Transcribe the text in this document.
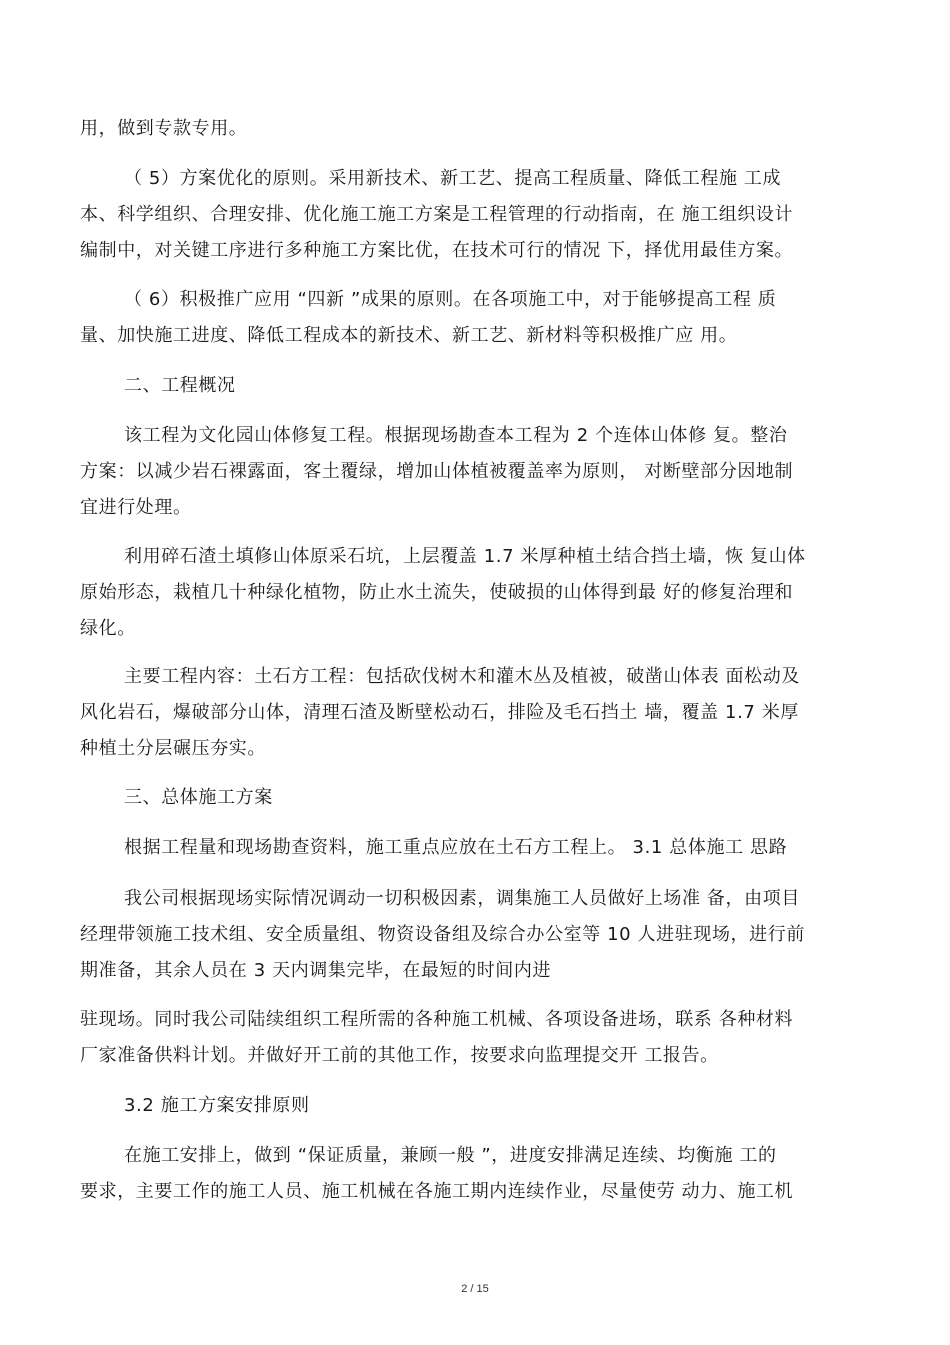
用，做到专款专用。
（ 5）方案优化的原则。采用新技术、新工艺、提高工程质量、降低工程施 工成
本、科学组织、合理安排、优化施工施工方案是工程管理的行动指南，在 施工组织设计
编制中，对关键工序进行多种施工方案比优，在技术可行的情况 下，择优用最佳方案。
（ 6）积极推广应用 “四新 ”成果的原则。在各项施工中，对于能够提高工程 质
量、加快施工进度、降低工程成本的新技术、新工艺、新材料等积极推广应 用。
二、工程概况
该工程为文化园山体修复工程。根据现场勘查本工程为 2 个连体山体修 复。整治
方案：以减少岩石裸露面，客土覆绿，增加山体植被覆盖率为原则， 对断壁部分因地制
宜进行处理。
利用碎石渣土填修山体原采石坑，上层覆盖 1.7 米厚种植土结合挡土墙，恢 复山体
原始形态，栽植几十种绿化植物，防止水土流失，使破损的山体得到最 好的修复治理和
绿化。
主要工程内容：土石方工程：包括砍伐树木和灌木丛及植被，破凿山体表 面松动及
风化岩石，爆破部分山体，清理石渣及断壁松动石，排险及毛石挡土 墙，覆盖 1.7 米厚
种植土分层碾压夯实。
三、总体施工方案
根据工程量和现场勘查资料，施工重点应放在土石方工程上。 3.1 总体施工 思路
我公司根据现场实际情况调动一切积极因素，调集施工人员做好上场准 备，由项目
经理带领施工技术组、安全质量组、物资设备组及综合办公室等 10 人进驻现场，进行前
期准备，其余人员在 3 天内调集完毕，在最短的时间内进
驻现场。同时我公司陆续组织工程所需的各种施工机械、各项设备进场，联系 各种材料
厂家准备供料计划。并做好开工前的其他工作，按要求向监理提交开 工报告。
3.2 施工方案安排原则
在施工安排上，做到 “保证质量，兼顾一般 ”，进度安排满足连续、均衡施 工的
要求，主要工作的施工人员、施工机械在各施工期内连续作业，尽量使劳 动力、施工机
2 / 15
